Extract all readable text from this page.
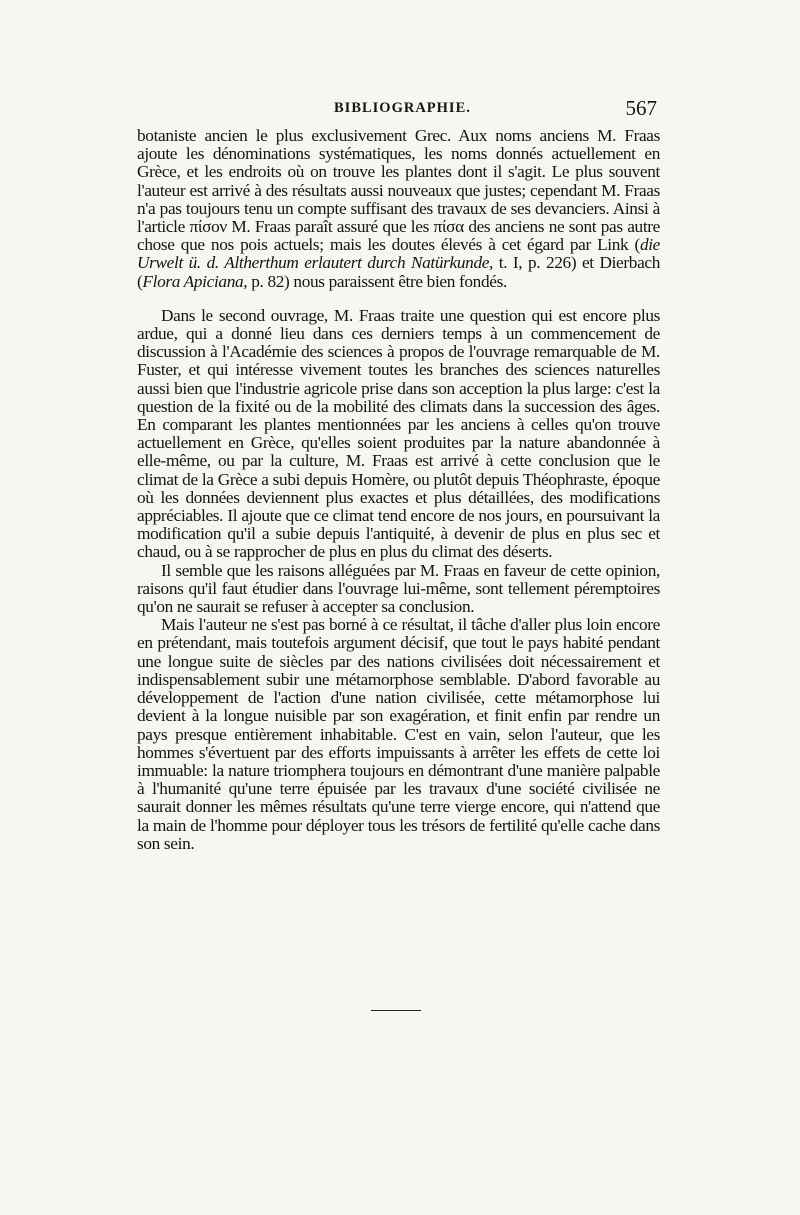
BIBLIOGRAPHIE.	567

botaniste ancien le plus exclusivement Grec. Aux noms anciens M. Fraas ajoute les dénominations systématiques, les noms donnés actuellement en Grèce, et les endroits où on trouve les plantes dont il s'agit. Le plus souvent l'auteur est arrivé à des résultats aussi nouveaux que justes; cependant M. Fraas n'a pas toujours tenu un compte suffisant des travaux de ses devanciers. Ainsi à l'article πίσον M. Fraas paraît assuré que les πίσα des anciens ne sont pas autre chose que nos pois actuels; mais les doutes élevés à cet égard par Link (die Urwelt ü. d. Altherthum erlautert durch Natürkunde, t. I, p. 226) et Dierbach (Flora Apiciana, p. 82) nous paraissent être bien fondés.

Dans le second ouvrage, M. Fraas traite une question qui est encore plus ardue, qui a donné lieu dans ces derniers temps à un commencement de discussion à l'Académie des sciences à propos de l'ouvrage remarquable de M. Fuster, et qui intéresse vivement toutes les branches des sciences naturelles aussi bien que l'industrie agricole prise dans son acception la plus large: c'est la question de la fixité ou de la mobilité des climats dans la succession des âges. En comparant les plantes mentionnées par les anciens à celles qu'on trouve actuellement en Grèce, qu'elles soient produites par la nature abandonnée à elle-même, ou par la culture, M. Fraas est arrivé à cette conclusion que le climat de la Grèce a subi depuis Homère, ou plutôt depuis Théophraste, époque où les données deviennent plus exactes et plus détaillées, des modifications appréciables. Il ajoute que ce climat tend encore de nos jours, en poursuivant la modification qu'il a subie depuis l'antiquité, à devenir de plus en plus sec et chaud, ou à se rapprocher de plus en plus du climat des déserts.

Il semble que les raisons alléguées par M. Fraas en faveur de cette opinion, raisons qu'il faut étudier dans l'ouvrage lui-même, sont tellement péremptoires qu'on ne saurait se refuser à accepter sa conclusion.

Mais l'auteur ne s'est pas borné à ce résultat, il tâche d'aller plus loin encore en prétendant, mais toutefois argument décisif, que tout le pays habité pendant une longue suite de siècles par des nations civilisées doit nécessairement et indispensablement subir une métamorphose semblable. D'abord favorable au développement de l'action d'une nation civilisée, cette métamorphose lui devient à la longue nuisible par son exagération, et finit enfin par rendre un pays presque entièrement inhabitable. C'est en vain, selon l'auteur, que les hommes s'évertuent par des efforts impuissants à arrêter les effets de cette loi immuable: la nature triomphera toujours en démontrant d'une manière palpable à l'humanité qu'une terre épuisée par les travaux d'une société civilisée ne saurait donner les mêmes résultats qu'une terre vierge encore, qui n'attend que la main de l'homme pour déployer tous les trésors de fertilité qu'elle cache dans son sein.
